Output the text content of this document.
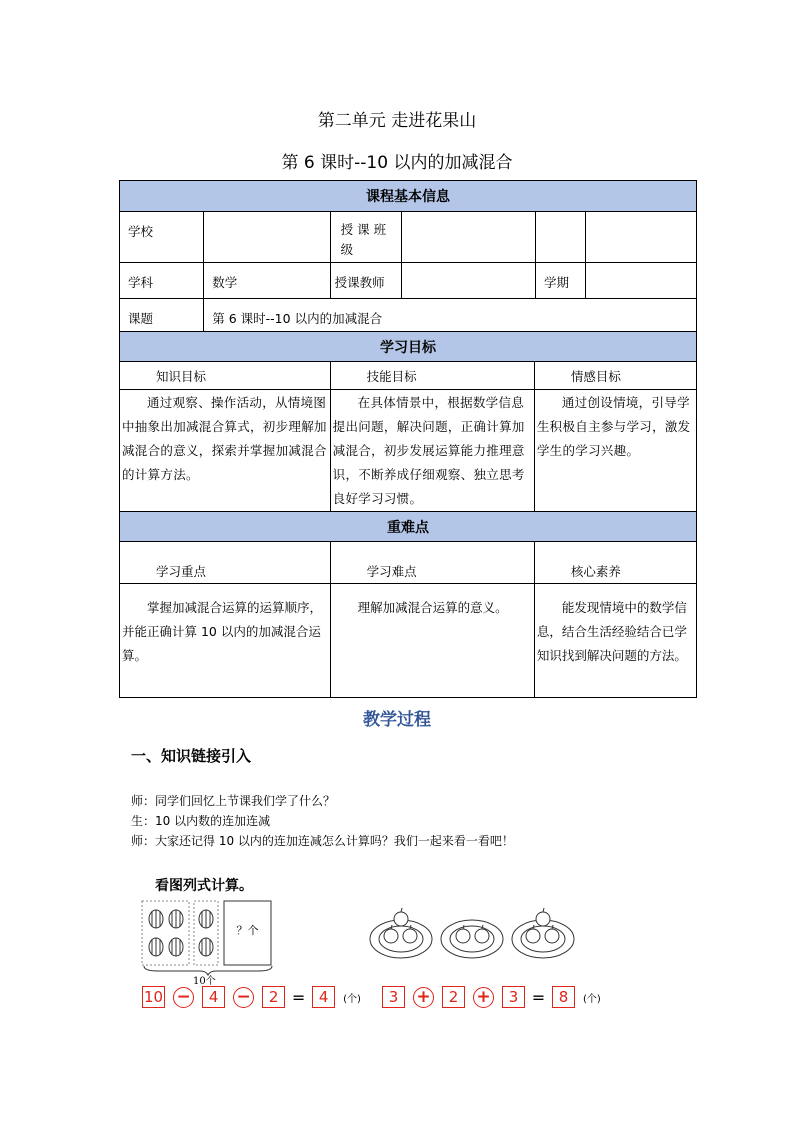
第二单元 走进花果山
第 6 课时--10 以内的加减混合
课程基本信息					
学校		授 课 班 级			
学科	数学	授课教师		学期	
课题	第 6 课时--10 以内的加减混合				
学习目标					
知识目标		技能目标		情感目标	
通过观察、操作活动，从情境图中抽象出加减混合算式，初步理解加减混合的意义，探索并掌握加减混合的计算方法。		在具体情景中，根据数学信息提出问题，解决问题，正确计算加减混合，初步发展运算能力推理意识，不断养成仔细观察、独立思考良好学习习惯。		通过创设情境，引导学生积极自主参与学习，激发学生的学习兴趣。	
重难点					
学习重点		学习难点		核心素养	
掌握加减混合运算的运算顺序，并能正确计算 10 以内的加减混合运算。		理解加减混合运算的意义。		能发现情境中的数学信息，结合生活经验结合已学知识找到解决问题的方法。	
教学过程
一、知识链接引入
师：同学们回忆上节课我们学了什么？
生：10 以内数的连加连减
师：大家还记得 10 以内的连加连减怎么计算吗？我们一起来看一看吧！
看图列式计算。
？个
10个
10 −	4	−	2 = 4	(个)	3	+	2	+	3 = 8	(个)
